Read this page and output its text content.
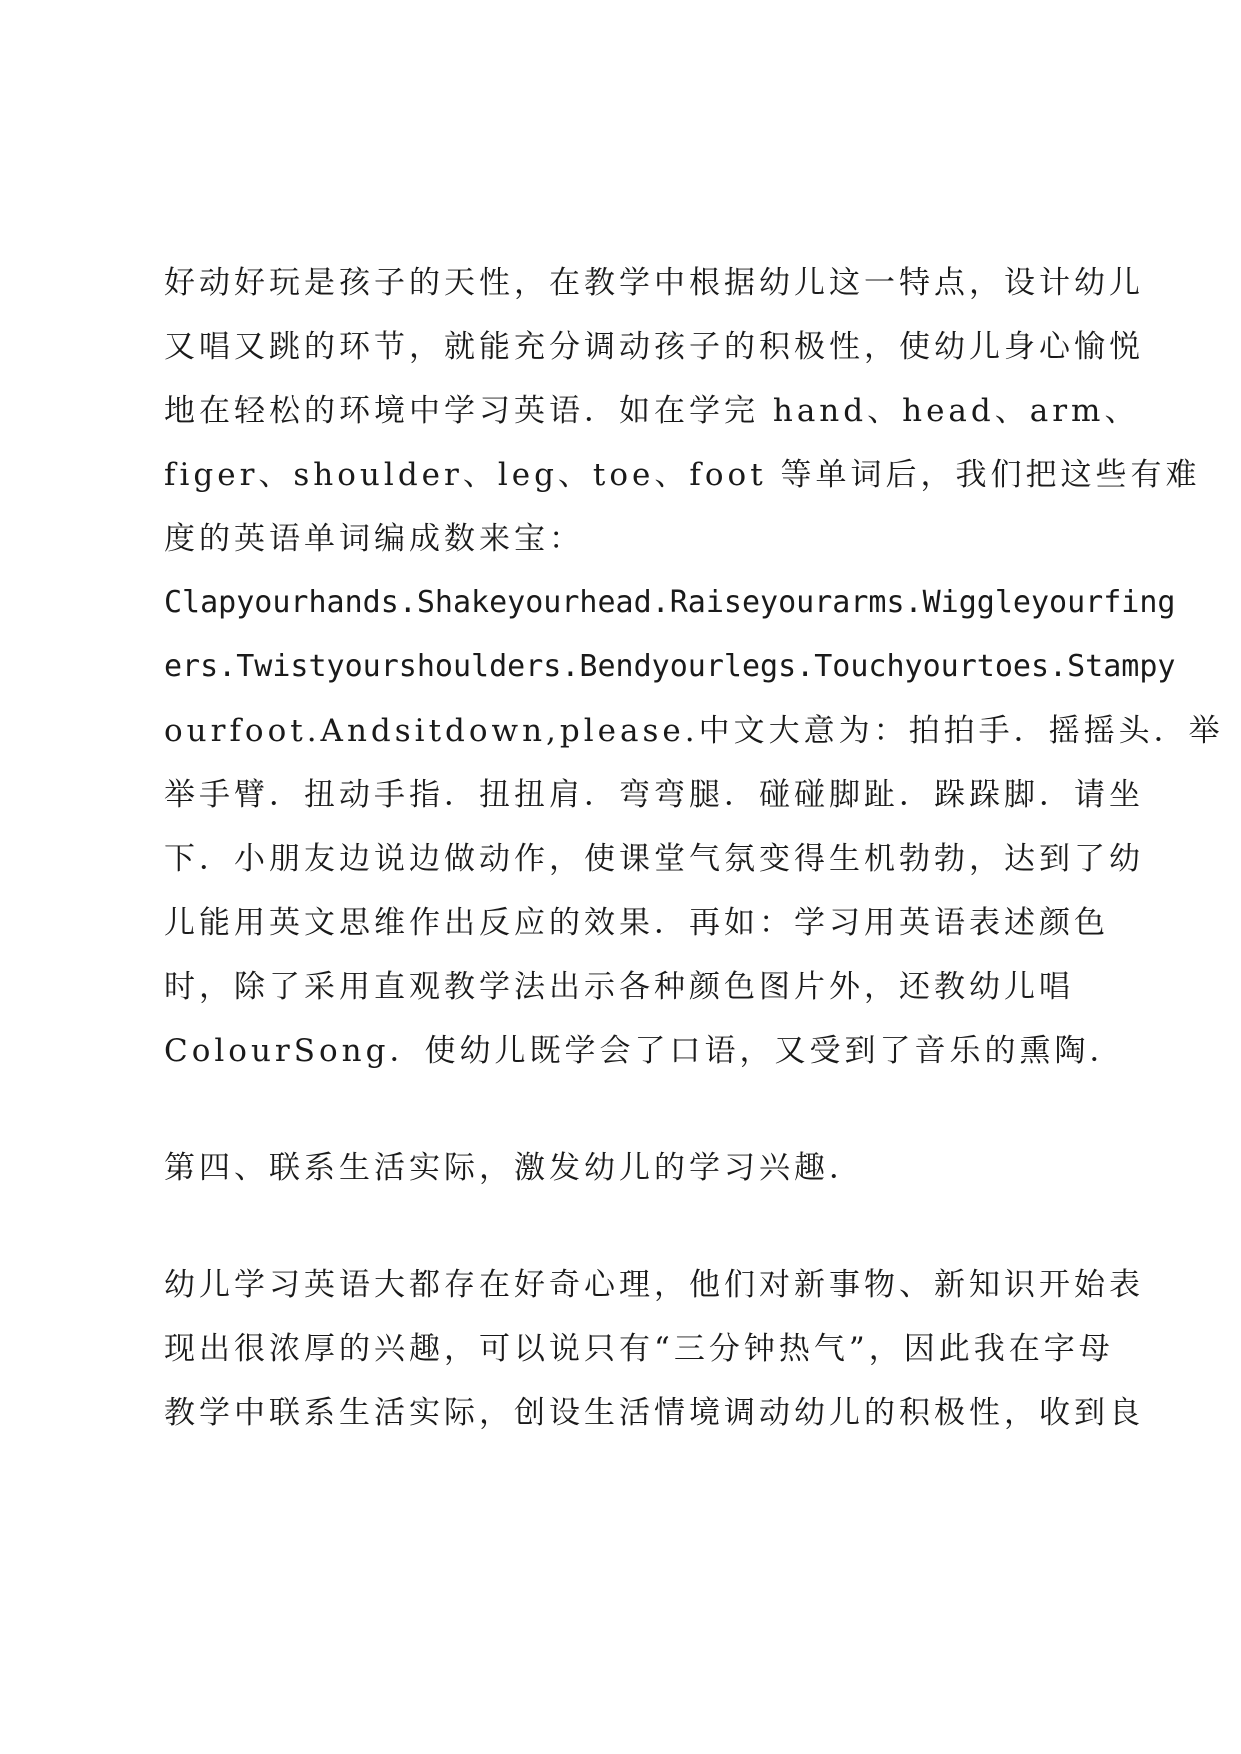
好动好玩是孩子的天性，在教学中根据幼儿这一特点，设计幼儿
又唱又跳的环节，就能充分调动孩子的积极性，使幼儿身心愉悦
地在轻松的环境中学习英语．如在学完 hand、head、arm、
figer、shoulder、leg、toe、foot 等单词后，我们把这些有难
度的英语单词编成数来宝：
Clapyourhands.Shakeyourhead.Raiseyourarms.Wiggleyourfing
ers.Twistyourshoulders.Bendyourlegs.Touchyourtoes.Stampy
ourfoot.Andsitdown,please.中文大意为：拍拍手．摇摇头．举
举手臂．扭动手指．扭扭肩．弯弯腿．碰碰脚趾．跺跺脚．请坐
下．小朋友边说边做动作，使课堂气氛变得生机勃勃，达到了幼
儿能用英文思维作出反应的效果．再如：学习用英语表述颜色
时，除了采用直观教学法出示各种颜色图片外，还教幼儿唱
ColourSong．使幼儿既学会了口语，又受到了音乐的熏陶．
第四、联系生活实际，激发幼儿的学习兴趣．
幼儿学习英语大都存在好奇心理，他们对新事物、新知识开始表
现出很浓厚的兴趣，可以说只有“三分钟热气”，因此我在字母
教学中联系生活实际，创设生活情境调动幼儿的积极性，收到良
